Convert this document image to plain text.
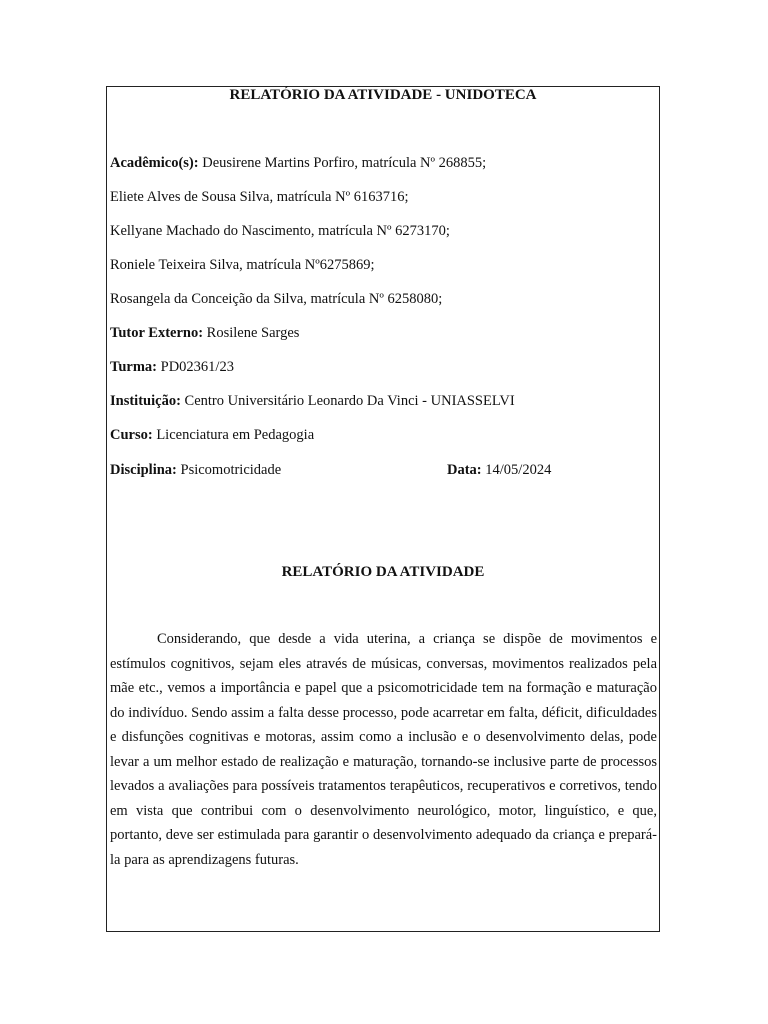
RELATÓRIO DA ATIVIDADE - UNIDOTECA
Acadêmico(s): Deusirene Martins Porfiro, matrícula Nº 268855;
Eliete Alves de Sousa Silva, matrícula Nº 6163716;
Kellyane Machado do Nascimento, matrícula Nº 6273170;
Roniele Teixeira Silva, matrícula Nº6275869;
Rosangela da Conceição da Silva, matrícula Nº 6258080;
Tutor Externo: Rosilene Sarges
Turma: PD02361/23
Instituição: Centro Universitário Leonardo Da Vinci - UNIASSELVI
Curso: Licenciatura em Pedagogia
Disciplina: Psicomotricidade	Data: 14/05/2024
RELATÓRIO DA ATIVIDADE
Considerando, que desde a vida uterina, a criança se dispõe de movimentos e estímulos cognitivos, sejam eles através de músicas, conversas, movimentos realizados pela mãe etc., vemos a importância e papel que a psicomotricidade tem na formação e maturação do indivíduo. Sendo assim a falta desse processo, pode acarretar em falta, déficit, dificuldades e disfunções cognitivas e motoras, assim como a inclusão e o desenvolvimento delas, pode levar a um melhor estado de realização e maturação, tornando-se inclusive parte de processos levados a avaliações para possíveis tratamentos terapêuticos, recuperativos e corretivos, tendo em vista que contribui com o desenvolvimento neurológico, motor, linguístico, e que, portanto, deve ser estimulada para garantir o desenvolvimento adequado da criança e prepará-la para as aprendizagens futuras.
